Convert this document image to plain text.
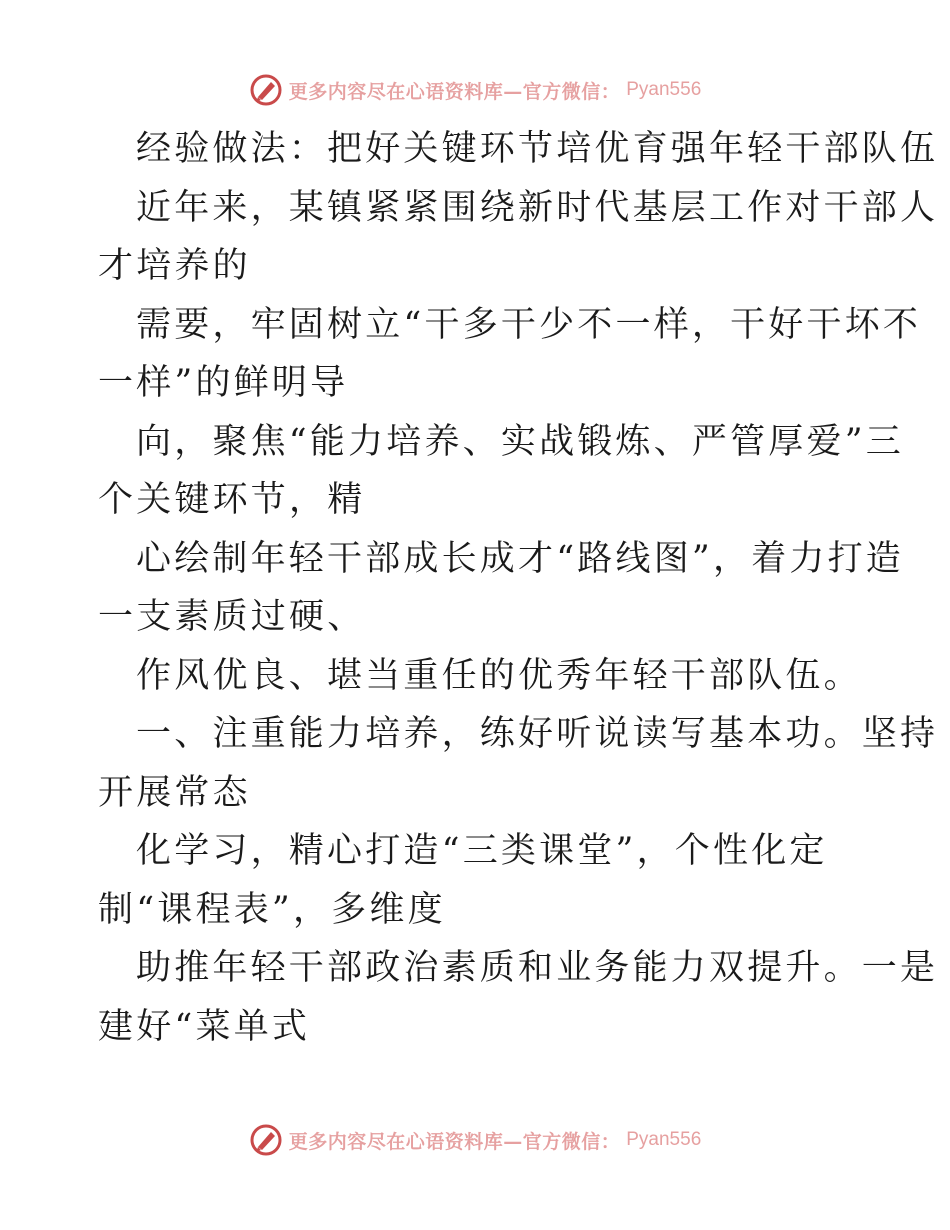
更多内容尽在心语资料库—官方微信： Pyan556

经验做法：把好关键环节培优育强年轻干部队伍

近年来，某镇紧紧围绕新时代基层工作对干部人

才培养的

需要，牢固树立“干多干少不一样，干好干坏不

一样”的鲜明导

向，聚焦“能力培养、实战锻炼、严管厚爱”三

个关键环节，精

心绘制年轻干部成长成才“路线图”，着力打造

一支素质过硬、

作风优良、堪当重任的优秀年轻干部队伍。

一、注重能力培养，练好听说读写基本功。坚持

开展常态

化学习，精心打造“三类课堂”，个性化定

制“课程表”，多维度

助推年轻干部政治素质和业务能力双提升。一是

建好“菜单式

更多内容尽在心语资料库—官方微信： Pyan556
